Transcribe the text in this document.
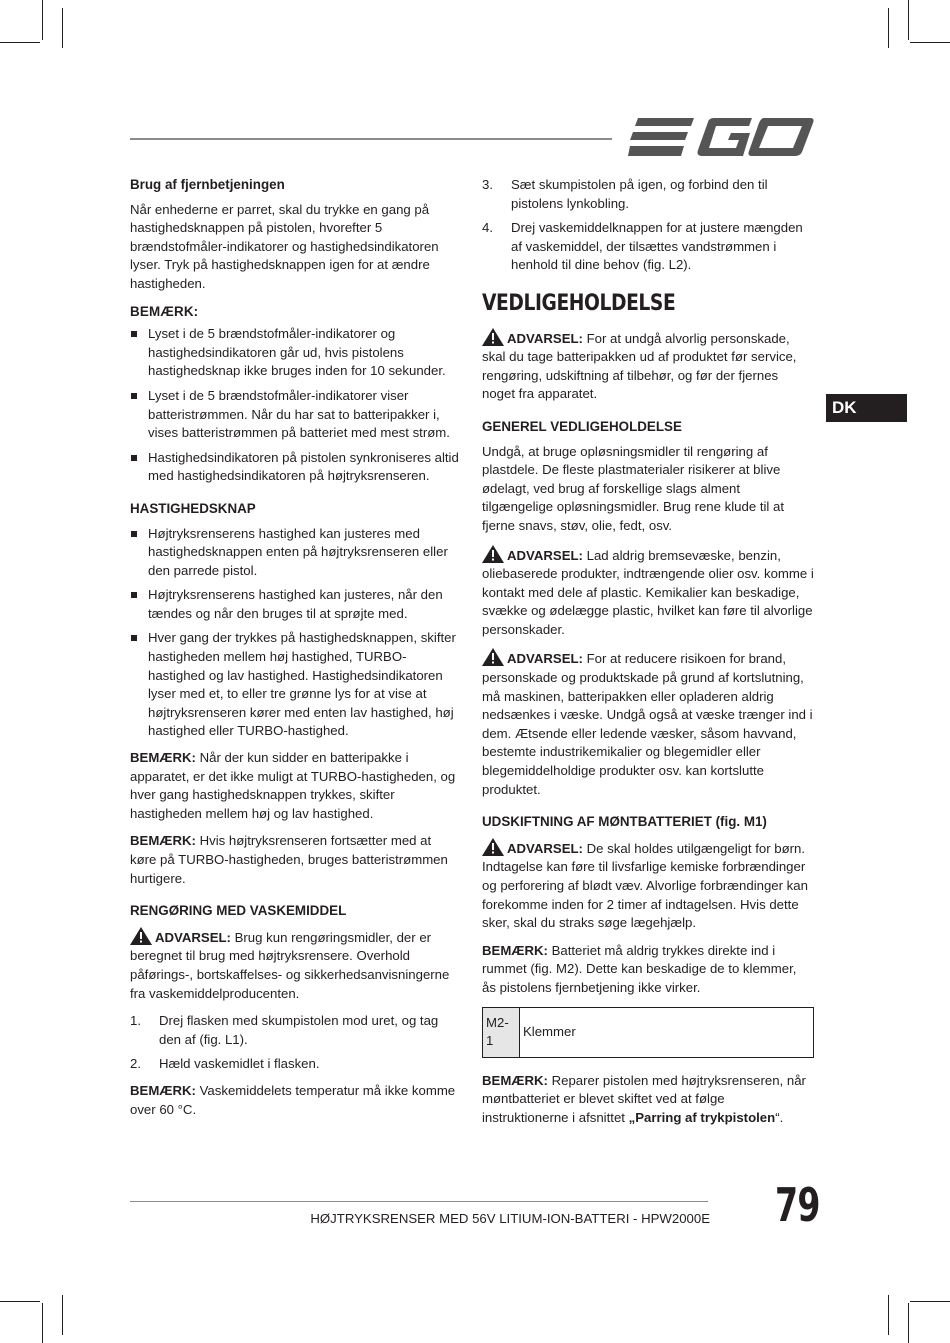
Brug af fjernbetjeningen
Når enhederne er parret, skal du trykke en gang på hastighedsknappen på pistolen, hvorefter 5 brændstofmåler-indikatorer og hastighedsindikatoren lyser. Tryk på hastighedsknappen igen for at ændre hastigheden.
BEMÆRK:
Lyset i de 5 brændstofmåler-indikatorer og hastighedsindikatoren går ud, hvis pistolens hastighedsknap ikke bruges inden for 10 sekunder.
Lyset i de 5 brændstofmåler-indikatorer viser batteristrømmen. Når du har sat to batteripakker i, vises batteristrømmen på batteriet med mest strøm.
Hastighedsindikatoren på pistolen synkroniseres altid med hastighedsindikatoren på højtryksrenseren.
HASTIGHEDSKNAP
Højtryksrenserens hastighed kan justeres med hastighedsknappen enten på højtryksrenseren eller den parrede pistol.
Højtryksrenserens hastighed kan justeres, når den tændes og når den bruges til at sprøjte med.
Hver gang der trykkes på hastighedsknappen, skifter hastigheden mellem høj hastighed, TURBO-hastighed og lav hastighed. Hastighedsindikatoren lyser med et, to eller tre grønne lys for at vise at højtryksrenseren kører med enten lav hastighed, høj hastighed eller TURBO-hastighed.
BEMÆRK: Når der kun sidder en batteripakke i apparatet, er det ikke muligt at TURBO-hastigheden, og hver gang hastighedsknappen trykkes, skifter hastigheden mellem høj og lav hastighed.
BEMÆRK: Hvis højtryksrenseren fortsætter med at køre på TURBO-hastigheden, bruges batteristrømmen hurtigere.
RENGØRING MED VASKEMIDDEL
ADVARSEL: Brug kun rengøringsmidler, der er beregnet til brug med højtryksrensere. Overhold påførings-, bortskaffelses- og sikkerhedsanvisningerne fra vaskemiddelproducenten.
1. Drej flasken med skumpistolen mod uret, og tag den af (fig. L1).
2. Hæld vaskemidlet i flasken.
BEMÆRK: Vaskemiddelets temperatur må ikke komme over 60 °C.
3. Sæt skumpistolen på igen, og forbind den til pistolens lynkobling.
4. Drej vaskemiddelknappen for at justere mængden af vaskemiddel, der tilsættes vandstrømmen i henhold til dine behov (fig. L2).
VEDLIGEHOLDELSE
ADVARSEL: For at undgå alvorlig personskade, skal du tage batteripakken ud af produktet før service, rengøring, udskiftning af tilbehør, og før der fjernes noget fra apparatet.
GENEREL VEDLIGEHOLDELSE
Undgå, at bruge opløsningsmidler til rengøring af plastdele. De fleste plastmaterialer risikerer at blive ødelagt, ved brug af forskellige slags alment tilgængelige opløsningsmidler. Brug rene klude til at fjerne snavs, støv, olie, fedt, osv.
ADVARSEL: Lad aldrig bremsevæske, benzin, oliebaserede produkter, indtrængende olier osv. komme i kontakt med dele af plastic. Kemikalier kan beskadige, svække og ødelægge plastic, hvilket kan føre til alvorlige personskader.
ADVARSEL: For at reducere risikoen for brand, personskade og produktskade på grund af kortslutning, må maskinen, batteripakken eller opladeren aldrig nedsænkes i væske. Undgå også at væske trænger ind i dem. Ætsende eller ledende væsker, såsom havvand, bestemte industrikemikalier og blegemidler eller blegemiddelholdige produkter osv. kan kortslutte produktet.
UDSKIFTNING AF MØNTBATTERIET (fig. M1)
ADVARSEL: De skal holdes utilgængeligt for børn. Indtagelse kan føre til livsfarlige kemiske forbrændinger og perforering af blødt væv. Alvorlige forbrændinger kan forekomme inden for 2 timer af indtagelsen. Hvis dette sker, skal du straks søge lægehjælp.
BEMÆRK: Batteriet må aldrig trykkes direkte ind i rummet (fig. M2). Dette kan beskadige de to klemmer, ås pistolens fjernbetjening ikke virker.
M2-1	Klemmer
BEMÆRK: Reparer pistolen med højtryksrenseren, når møntbatteriet er blevet skiftet ved at følge instruktionerne i afsnittet „Parring af trykpistolen“.
DK
HØJTRYKSRENSER MED 56V LITIUM-ION-BATTERI - HPW2000E 79
